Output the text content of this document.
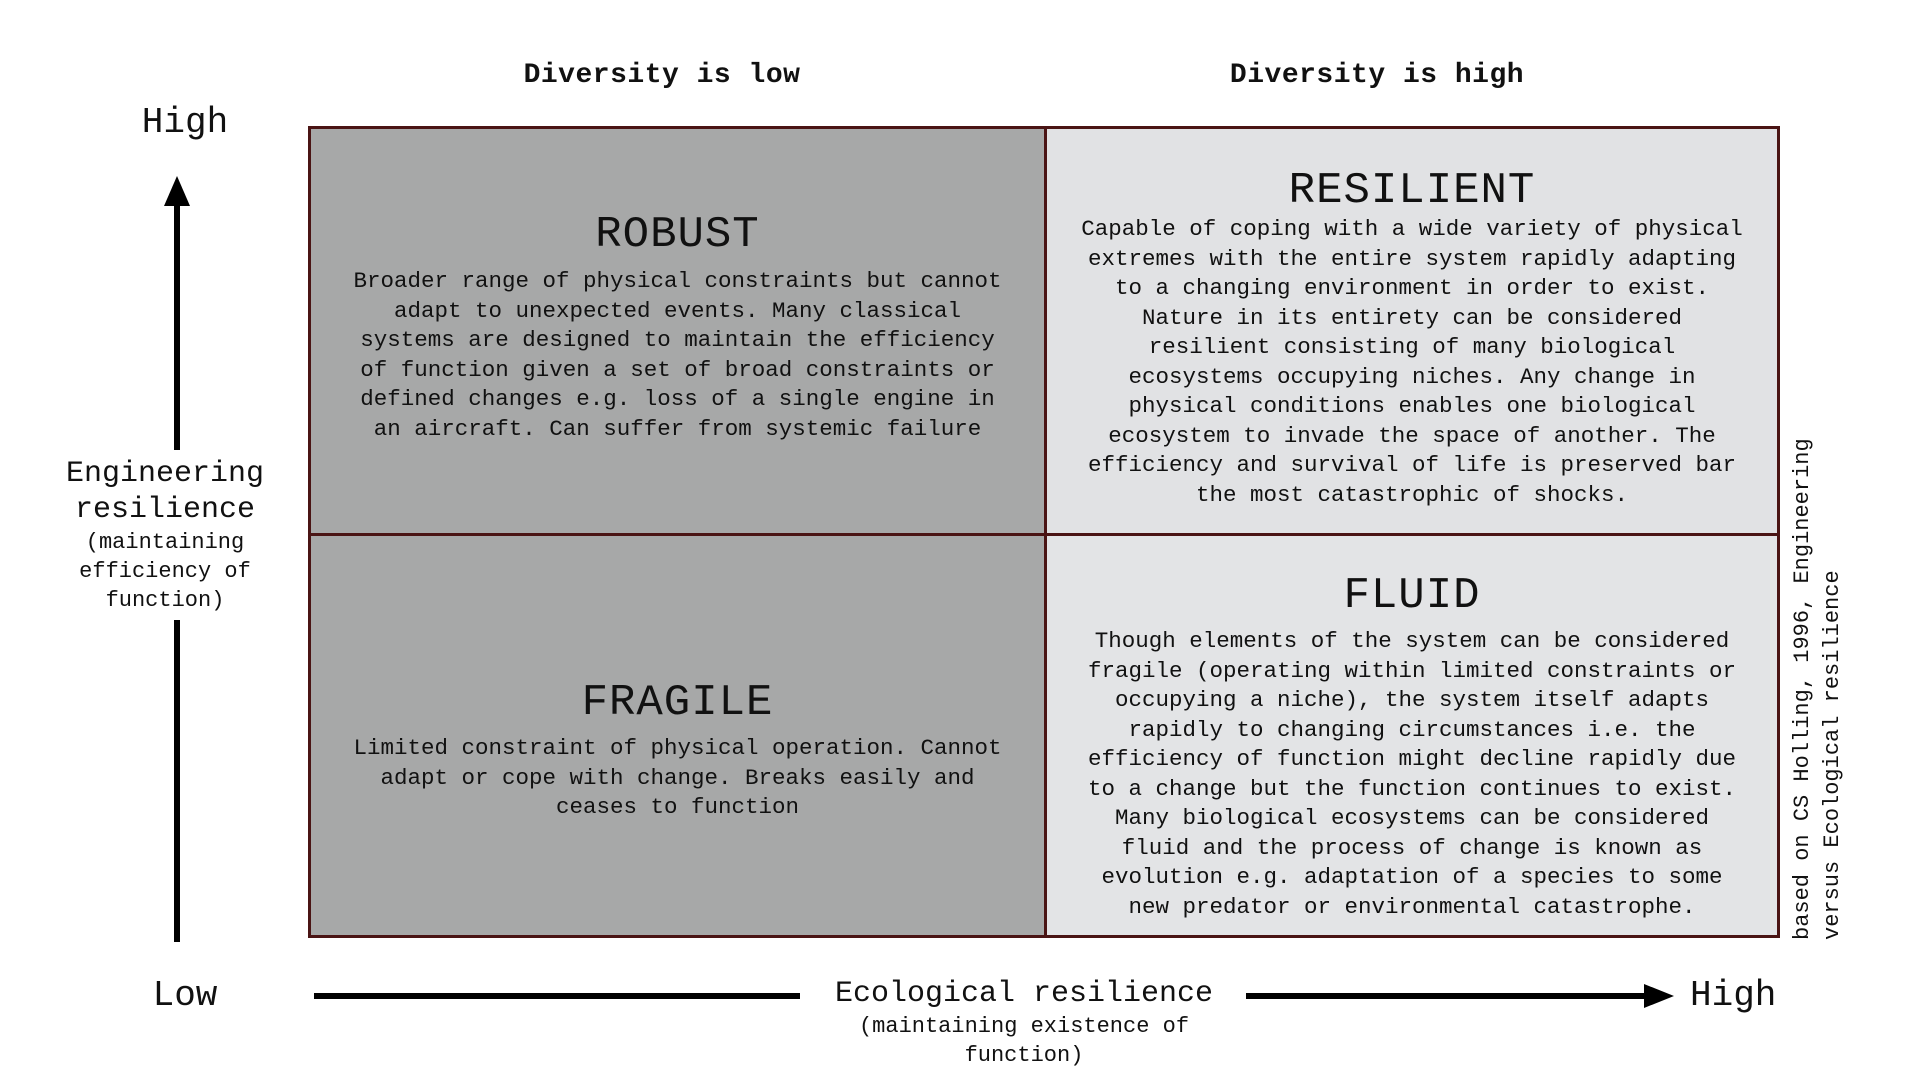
Diversity is low	Diversity is high
High
Engineering
resilience
(maintaining
efficiency of
function)
Low
ROBUST
Broader range of physical constraints but cannot
adapt to unexpected events. Many classical
systems are designed to maintain the efficiency
of function given a set of broad constraints or
defined changes e.g. loss of a single engine in
an aircraft. Can suffer from systemic failure
RESILIENT
Capable of coping with a wide variety of physical
extremes with the entire system rapidly adapting
to a changing environment in order to exist.
Nature in its entirety can be considered
resilient consisting of many biological
ecosystems occupying niches. Any change in
physical conditions enables one biological
ecosystem to invade the space of another. The
efficiency and survival of life is preserved bar
the most catastrophic of shocks.
FRAGILE
Limited constraint of physical operation. Cannot
adapt or cope with change. Breaks easily and
ceases to function
FLUID
Though elements of the system can be considered
fragile (operating within limited constraints or
occupying a niche), the system itself adapts
rapidly to changing circumstances i.e. the
efficiency of function might decline rapidly due
to a change but the function continues to exist.
Many biological ecosystems can be considered
fluid and the process of change is known as
evolution e.g. adaptation of a species to some
new predator or environmental catastrophe.
Ecological resilience
(maintaining existence of
function)
High
based on CS Holling, 1996, Engineering
versus Ecological resilience
